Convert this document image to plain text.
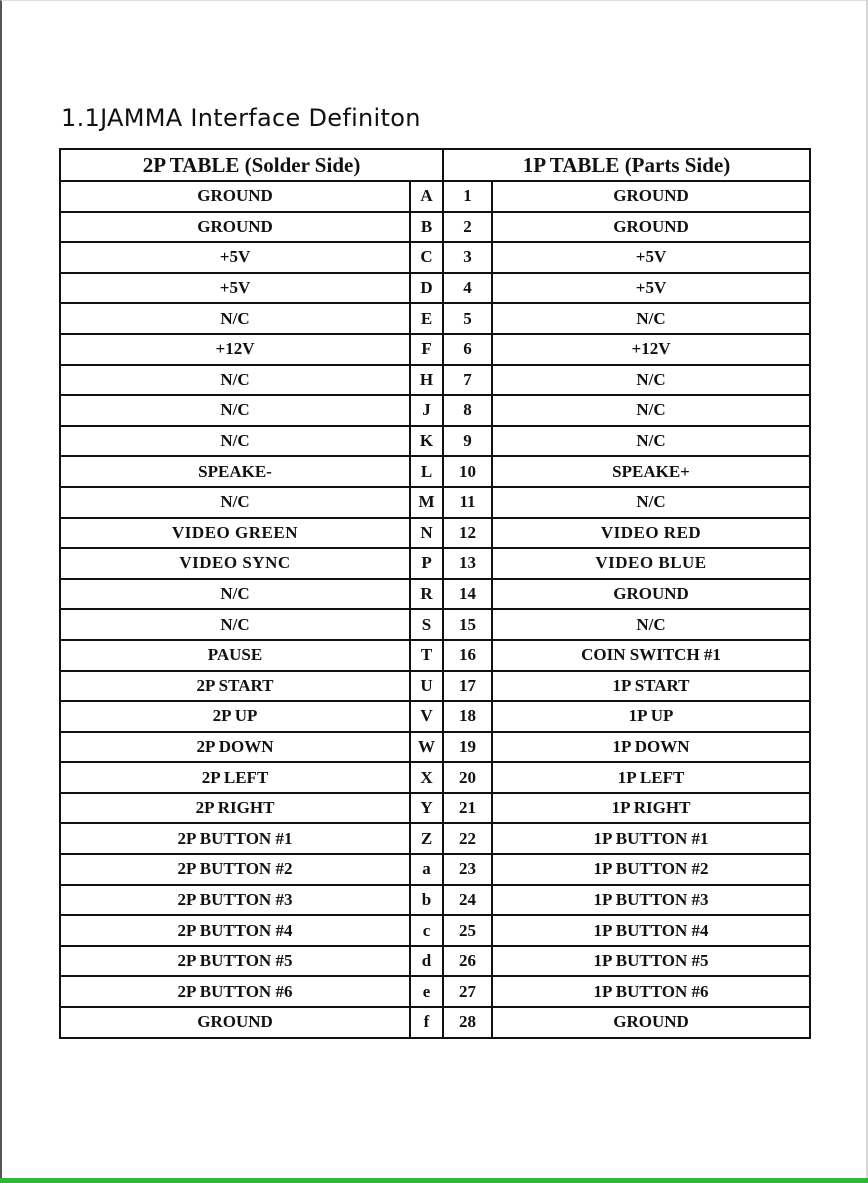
1.1JAMMA Interface Definiton
2P TABLE (Solder Side)		1P TABLE (Parts Side)	
GROUND	A	1	GROUND
GROUND	B	2	GROUND
+5V	C	3	+5V
+5V	D	4	+5V
N/C	E	5	N/C
+12V	F	6	+12V
N/C	H	7	N/C
N/C	J	8	N/C
N/C	K	9	N/C
SPEAKE-	L	10	SPEAKE+
N/C	M	11	N/C
VIDEO GREEN	N	12	VIDEO RED
VIDEO SYNC	P	13	VIDEO BLUE
N/C	R	14	GROUND
N/C	S	15	N/C
PAUSE	T	16	COIN SWITCH #1
2P START	U	17	1P START
2P UP	V	18	1P UP
2P DOWN	W	19	1P DOWN
2P LEFT	X	20	1P LEFT
2P RIGHT	Y	21	1P RIGHT
2P BUTTON #1	Z	22	1P BUTTON #1
2P BUTTON #2	a	23	1P BUTTON #2
2P BUTTON #3	b	24	1P BUTTON #3
2P BUTTON #4	c	25	1P BUTTON #4
2P BUTTON #5	d	26	1P BUTTON #5
2P BUTTON #6	e	27	1P BUTTON #6
GROUND	f	28	GROUND
